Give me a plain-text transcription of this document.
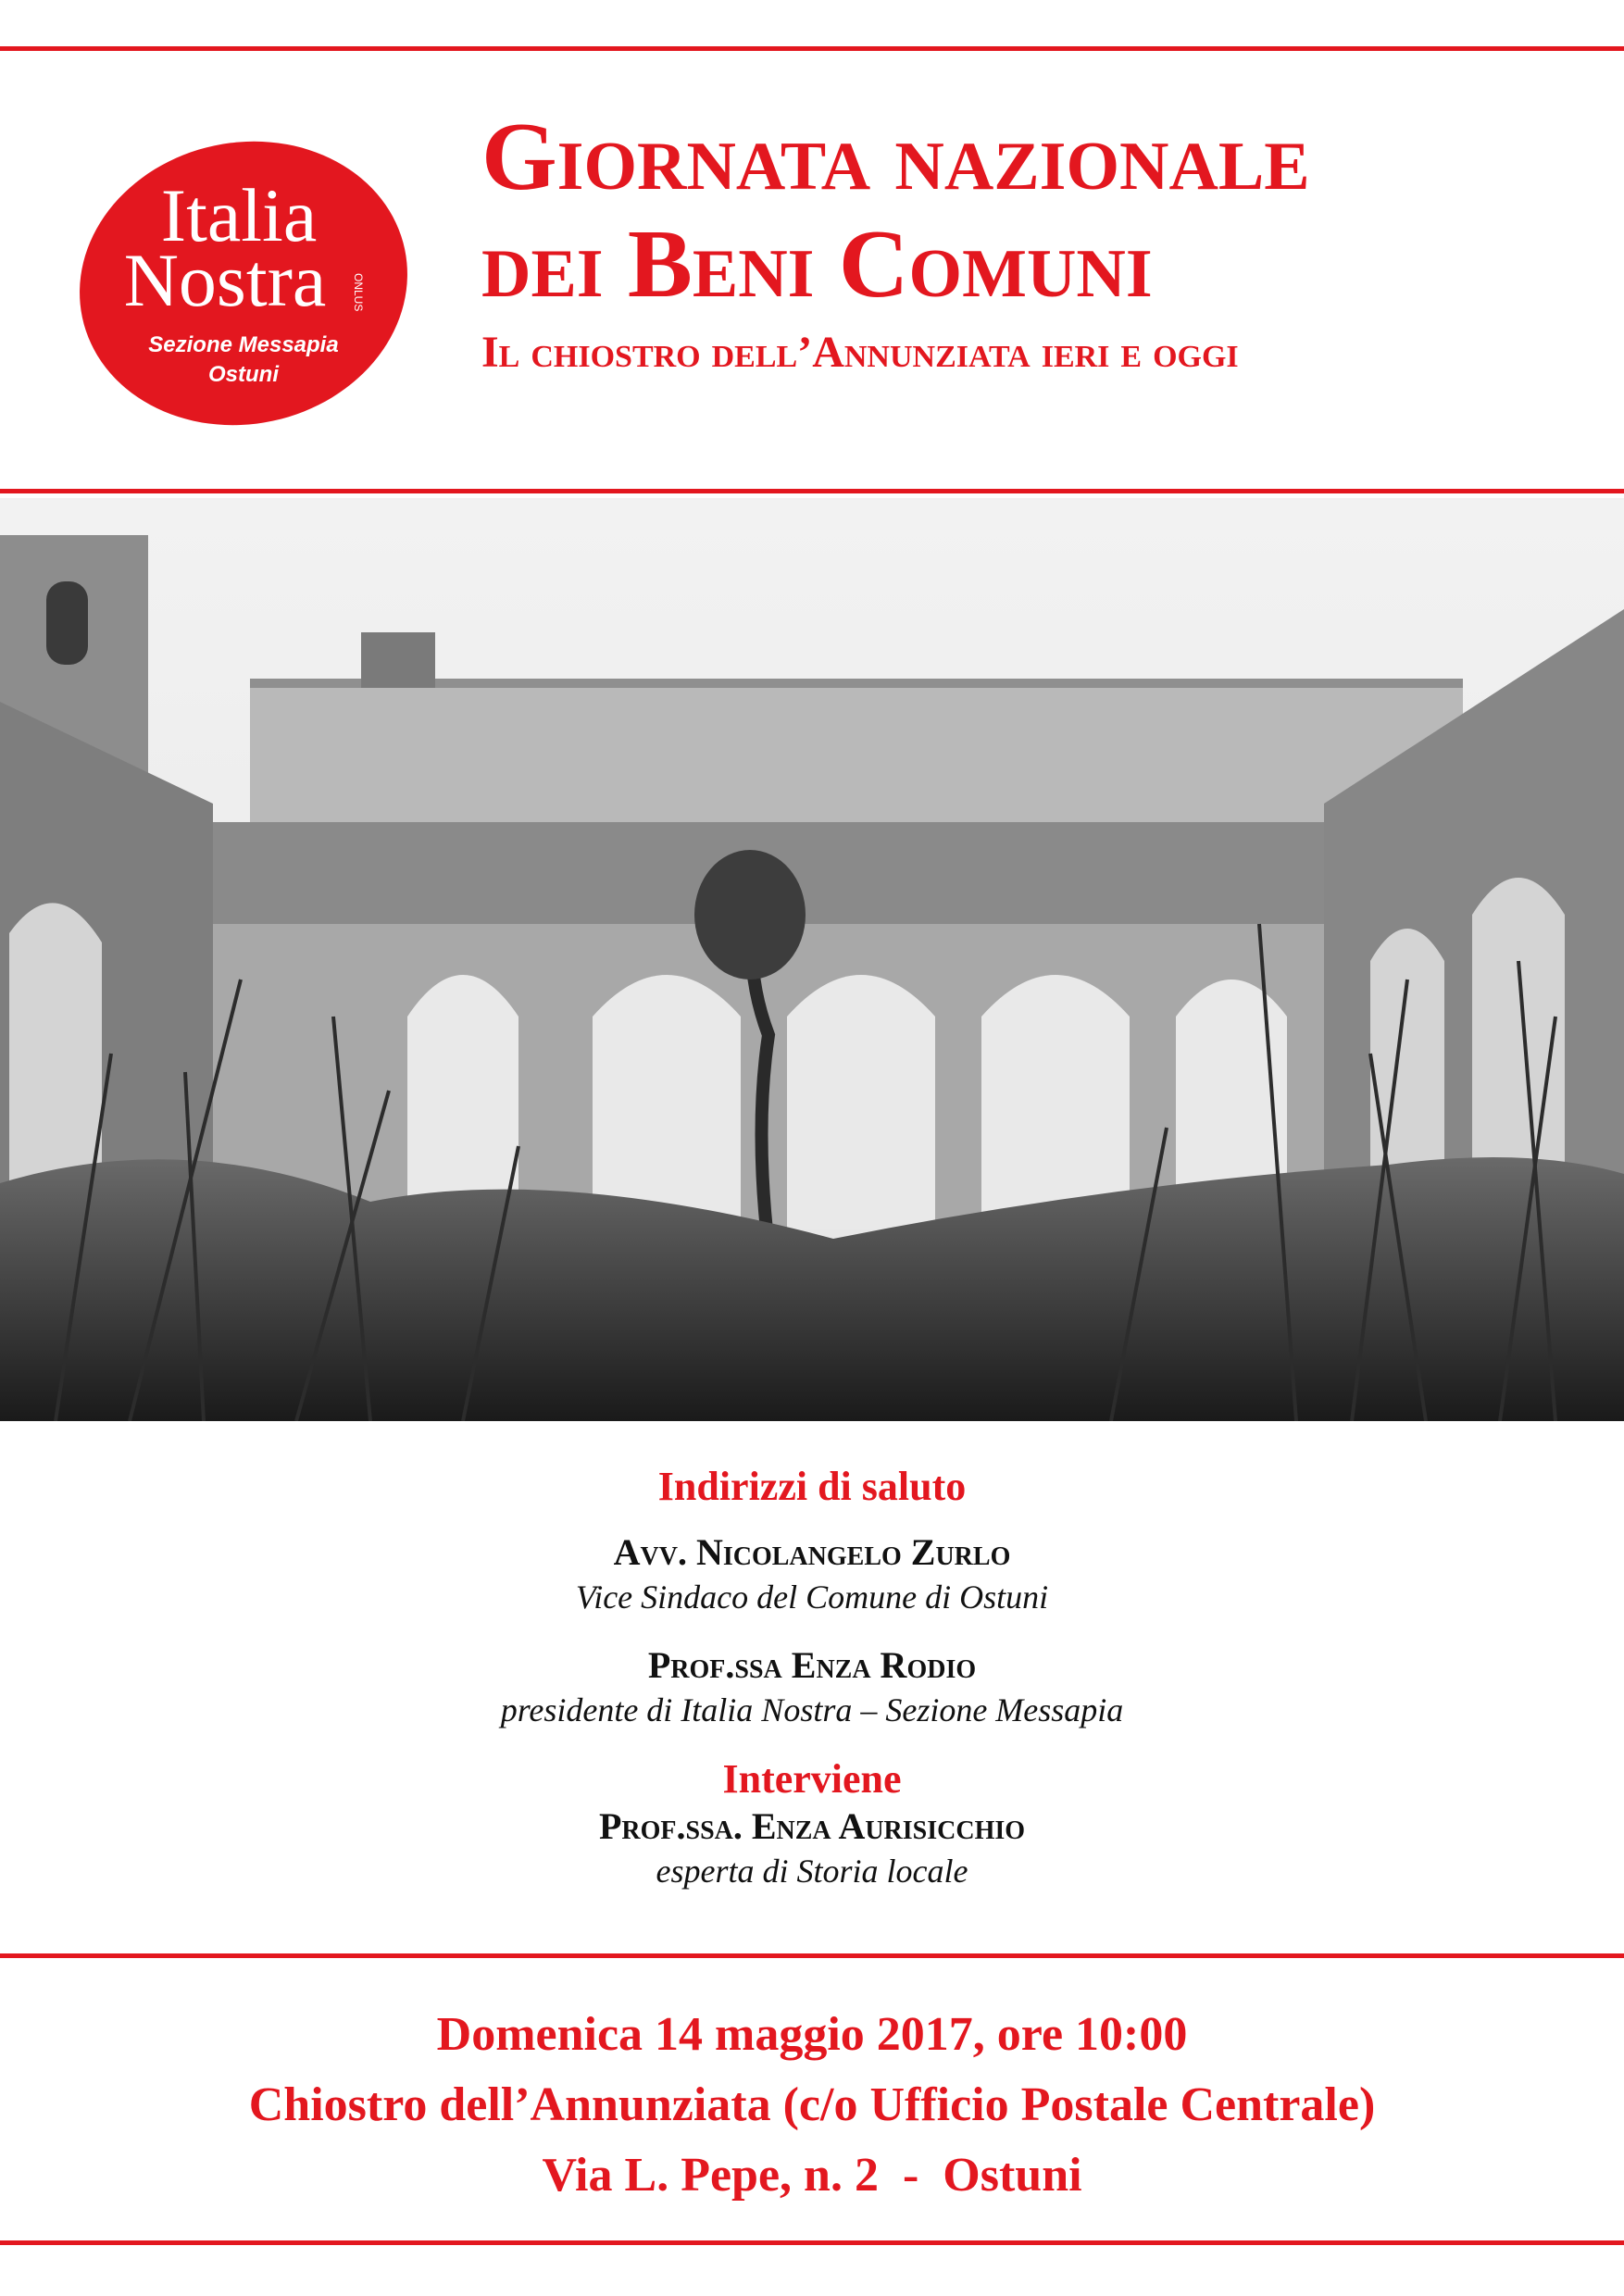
Italia
Nostra ONLUS
Sezione Messapia
Ostuni
Giornata nazionale
dei Beni Comuni
Il chiostro dell’Annunziata ieri e oggi
Indirizzi di saluto
Avv. Nicolangelo Zurlo
Vice Sindaco del Comune di Ostuni
Prof.ssa Enza Rodio
presidente di Italia Nostra – Sezione Messapia
Interviene
Prof.ssa. Enza Aurisicchio
esperta di Storia locale
Domenica 14 maggio 2017, ore 10:00
Chiostro dell’Annunziata (c/o Ufficio Postale Centrale)
Via L. Pepe, n. 2  -  Ostuni
